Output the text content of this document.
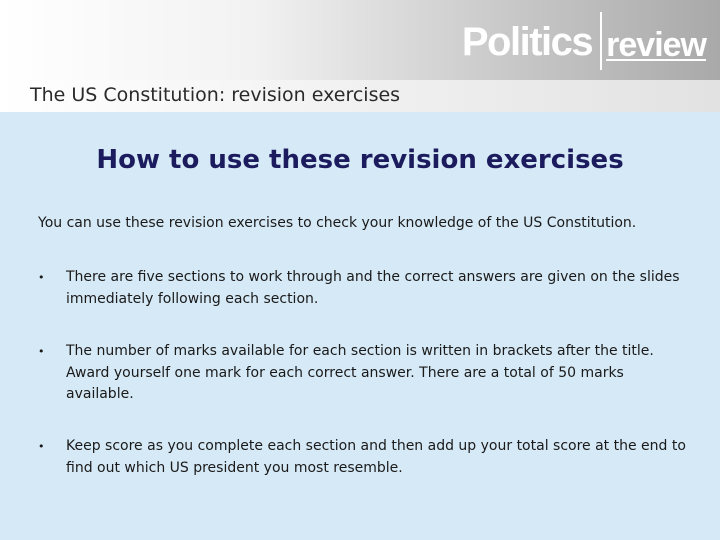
Politics review
The US Constitution: revision exercises
How to use these revision exercises

You can use these revision exercises to check your knowledge of the US Constitution.

•	There are five sections to work through and the correct answers are given on the slides immediately following each section.
•	The number of marks available for each section is written in brackets after the title. Award yourself one mark for each correct answer. There are a total of 50 marks available.
•	Keep score as you complete each section and then add up your total score at the end to find out which US president you most resemble.
